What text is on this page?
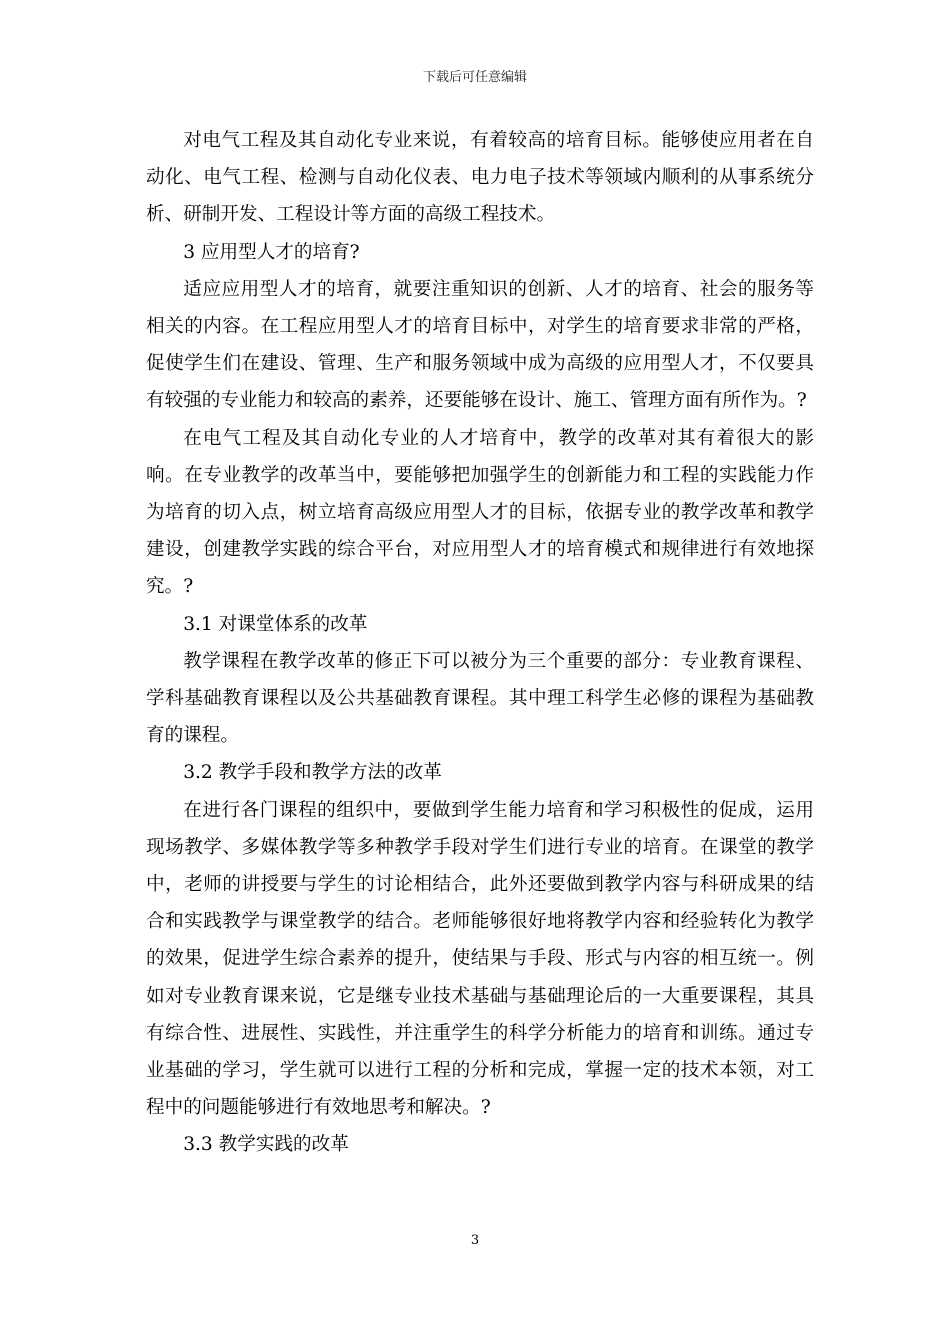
下载后可任意编辑

对电气工程及其自动化专业来说，有着较高的培育目标。能够使应用者在自动化、电气工程、检测与自动化仪表、电力电子技术等领域内顺利的从事系统分析、研制开发、工程设计等方面的高级工程技术。

3 应用型人才的培育?

适应应用型人才的培育，就要注重知识的创新、人才的培育、社会的服务等相关的内容。在工程应用型人才的培育目标中，对学生的培育要求非常的严格，促使学生们在建设、管理、生产和服务领域中成为高级的应用型人才，不仅要具有较强的专业能力和较高的素养，还要能够在设计、施工、管理方面有所作为。?

在电气工程及其自动化专业的人才培育中，教学的改革对其有着很大的影响。在专业教学的改革当中，要能够把加强学生的创新能力和工程的实践能力作为培育的切入点，树立培育高级应用型人才的目标，依据专业的教学改革和教学建设，创建教学实践的综合平台，对应用型人才的培育模式和规律进行有效地探究。?

3.1 对课堂体系的改革

教学课程在教学改革的修正下可以被分为三个重要的部分：专业教育课程、学科基础教育课程以及公共基础教育课程。其中理工科学生必修的课程为基础教育的课程。

3.2 教学手段和教学方法的改革

在进行各门课程的组织中，要做到学生能力培育和学习积极性的促成，运用现场教学、多媒体教学等多种教学手段对学生们进行专业的培育。在课堂的教学中，老师的讲授要与学生的讨论相结合，此外还要做到教学内容与科研成果的结合和实践教学与课堂教学的结合。老师能够很好地将教学内容和经验转化为教学的效果，促进学生综合素养的提升，使结果与手段、形式与内容的相互统一。例如对专业教育课来说，它是继专业技术基础与基础理论后的一大重要课程，其具有综合性、进展性、实践性，并注重学生的科学分析能力的培育和训练。通过专业基础的学习，学生就可以进行工程的分析和完成，掌握一定的技术本领，对工程中的问题能够进行有效地思考和解决。?

3.3 教学实践的改革

3
